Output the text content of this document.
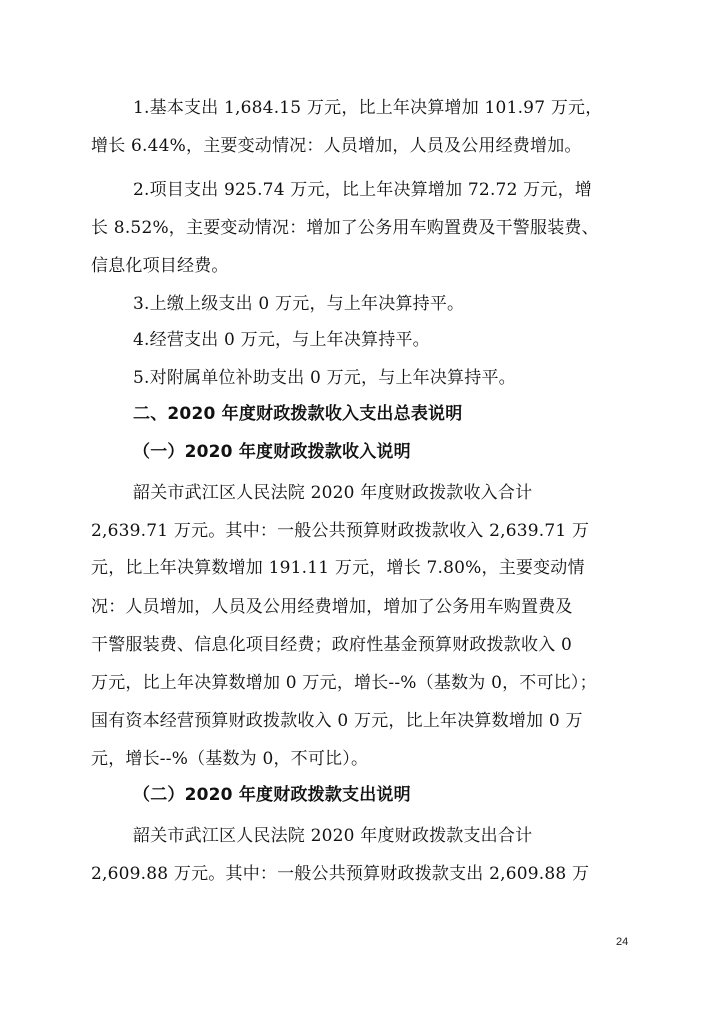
1.基本支出 1,684.15 万元，比上年决算增加 101.97 万元，
增长 6.44%，主要变动情况：人员增加，人员及公用经费增加。
2.项目支出 925.74 万元，比上年决算增加 72.72 万元，增
长 8.52%，主要变动情况：增加了公务用车购置费及干警服装费、
信息化项目经费。
3.上缴上级支出 0 万元，与上年决算持平。
4.经营支出 0 万元，与上年决算持平。
5.对附属单位补助支出 0 万元，与上年决算持平。
二、2020 年度财政拨款收入支出总表说明
（一）2020 年度财政拨款收入说明
韶关市武江区人民法院 2020 年度财政拨款收入合计
2,639.71 万元。其中：一般公共预算财政拨款收入 2,639.71 万
元，比上年决算数增加 191.11 万元，增长 7.80%，主要变动情
况：人员增加，人员及公用经费增加，增加了公务用车购置费及
干警服装费、信息化项目经费；政府性基金预算财政拨款收入 0
万元，比上年决算数增加 0 万元，增长--%（基数为 0，不可比）；
国有资本经营预算财政拨款收入 0 万元，比上年决算数增加 0 万
元，增长--%（基数为 0，不可比）。
（二）2020 年度财政拨款支出说明
韶关市武江区人民法院 2020 年度财政拨款支出合计
2,609.88 万元。其中：一般公共预算财政拨款支出 2,609.88 万
24
